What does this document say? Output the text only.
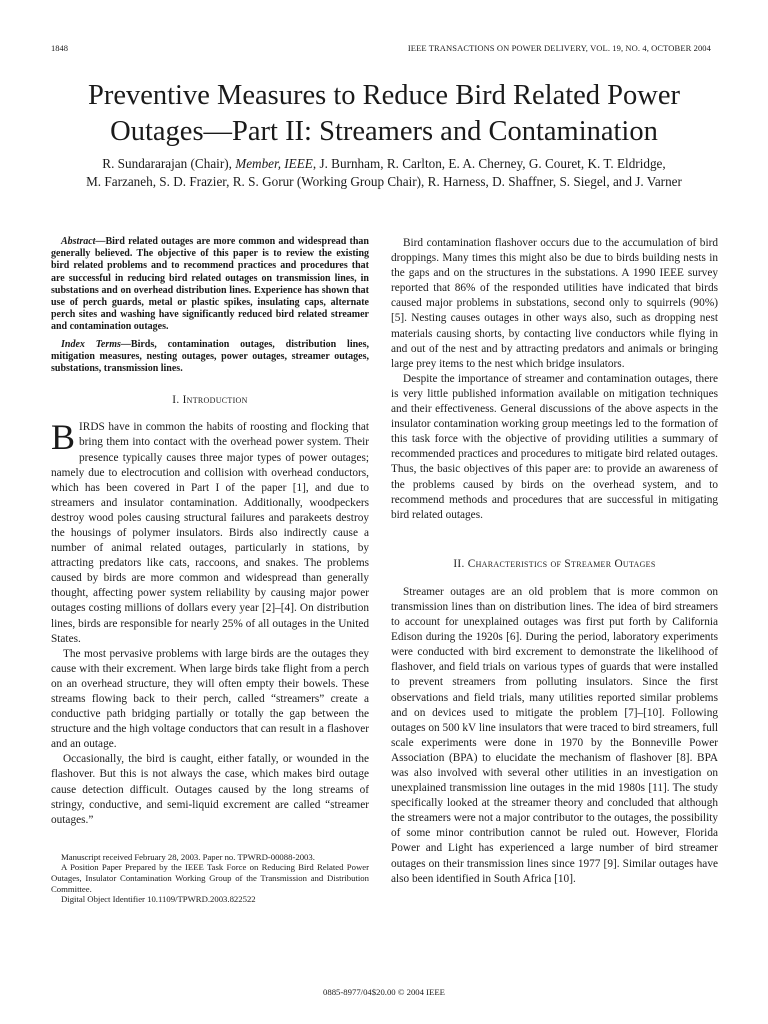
1848	IEEE TRANSACTIONS ON POWER DELIVERY, VOL. 19, NO. 4, OCTOBER 2004
Preventive Measures to Reduce Bird Related Power
Outages—Part II: Streamers and Contamination
R. Sundararajan (Chair), Member, IEEE, J. Burnham, R. Carlton, E. A. Cherney, G. Couret, K. T. Eldridge,
M. Farzaneh, S. D. Frazier, R. S. Gorur (Working Group Chair), R. Harness, D. Shaffner, S. Siegel, and J. Varner

Abstract—Bird related outages are more common and widespread than generally believed. The objective of this paper is to review the existing bird related problems and to recommend practices and procedures that are successful in reducing bird related outages on transmission lines, in substations and on overhead distribution lines. Experience has shown that use of perch guards, metal or plastic spikes, insulating caps, alternate perch sites and washing have significantly reduced bird related streamer and contamination outages.

Index Terms—Birds, contamination outages, distribution lines, mitigation measures, nesting outages, power outages, streamer outages, substations, transmission lines.

I. Introduction

BIRDS have in common the habits of roosting and flocking that bring them into contact with the overhead power system. Their presence typically causes three major types of power outages; namely due to electrocution and collision with overhead conductors, which has been covered in Part I of the paper [1], and due to streamers and insulator contamination. Additionally, woodpeckers destroy wood poles causing structural failures and parakeets destroy the housings of polymer insulators. Birds also indirectly cause a number of animal related outages, particularly in stations, by attracting predators like cats, raccoons, and snakes. The problems caused by birds are more common and widespread than generally thought, affecting power system reliability by causing major power outages costing millions of dollars every year [2]–[4]. On distribution lines, birds are responsible for nearly 25% of all outages in the United States.

The most pervasive problems with large birds are the outages they cause with their excrement. When large birds take flight from a perch on an overhead structure, they will often empty their bowels. These streams flowing back to their perch, called “streamers” create a conductive path bridging partially or totally the gap between the structure and the high voltage conductors that can result in a flashover and an outage.

Occasionally, the bird is caught, either fatally, or wounded in the flashover. But this is not always the case, which makes bird outage cause detection difficult. Outages caused by the long streams of stringy, conductive, and semi-liquid excrement are called “streamer outages.”

Manuscript received February 28, 2003. Paper no. TPWRD-00088-2003.

A Position Paper Prepared by the IEEE Task Force on Reducing Bird Related Power Outages, Insulator Contamination Working Group of the Transmission and Distribution Committee.

Digital Object Identifier 10.1109/TPWRD.2003.822522

Bird contamination flashover occurs due to the accumulation of bird droppings. Many times this might also be due to birds building nests in the gaps and on the structures in the substations. A 1990 IEEE survey reported that 86% of the responded utilities have indicated that birds caused major problems in substations, second only to squirrels (90%) [5]. Nesting causes outages in other ways also, such as dropping nest materials causing shorts, by contacting live conductors while flying in and out of the nest and by attracting predators and animals or bringing large prey items to the nest which bridge insulators.

Despite the importance of streamer and contamination outages, there is very little published information available on mitigation techniques and their effectiveness. General discussions of the above aspects in the insulator contamination working group meetings led to the formation of this task force with the objective of providing utilities a summary of recommended practices and procedures to mitigate bird related outages. Thus, the basic objectives of this paper are: to provide an awareness of the problems caused by birds on the overhead system, and to recommend methods and procedures that are successful in mitigating bird related outages.

II. Characteristics of Streamer Outages

Streamer outages are an old problem that is more common on transmission lines than on distribution lines. The idea of bird streamers to account for unexplained outages was first put forth by California Edison during the 1920s [6]. During the period, laboratory experiments were conducted with bird excrement to demonstrate the likelihood of flashover, and field trials on various types of guards that were installed to prevent streamers from polluting insulators. Since the first observations and field trials, many utilities reported similar problems and on devices used to mitigate the problem [7]–[10]. Following outages on 500 kV line insulators that were traced to bird streamers, full scale experiments were done in 1970 by the Bonneville Power Association (BPA) to elucidate the mechanism of flashover [8]. BPA was also involved with several other utilities in an investigation on unexplained transmission line outages in the mid 1980s [11]. The study specifically looked at the streamer theory and concluded that although the streamers were not a major contributor to the outages, the possibility of some minor contribution cannot be ruled out. However, Florida Power and Light has experienced a large number of bird streamer outages on their transmission lines since 1977 [9]. Similar outages have also been identified in South Africa [10].

0885-8977/04$20.00 © 2004 IEEE
